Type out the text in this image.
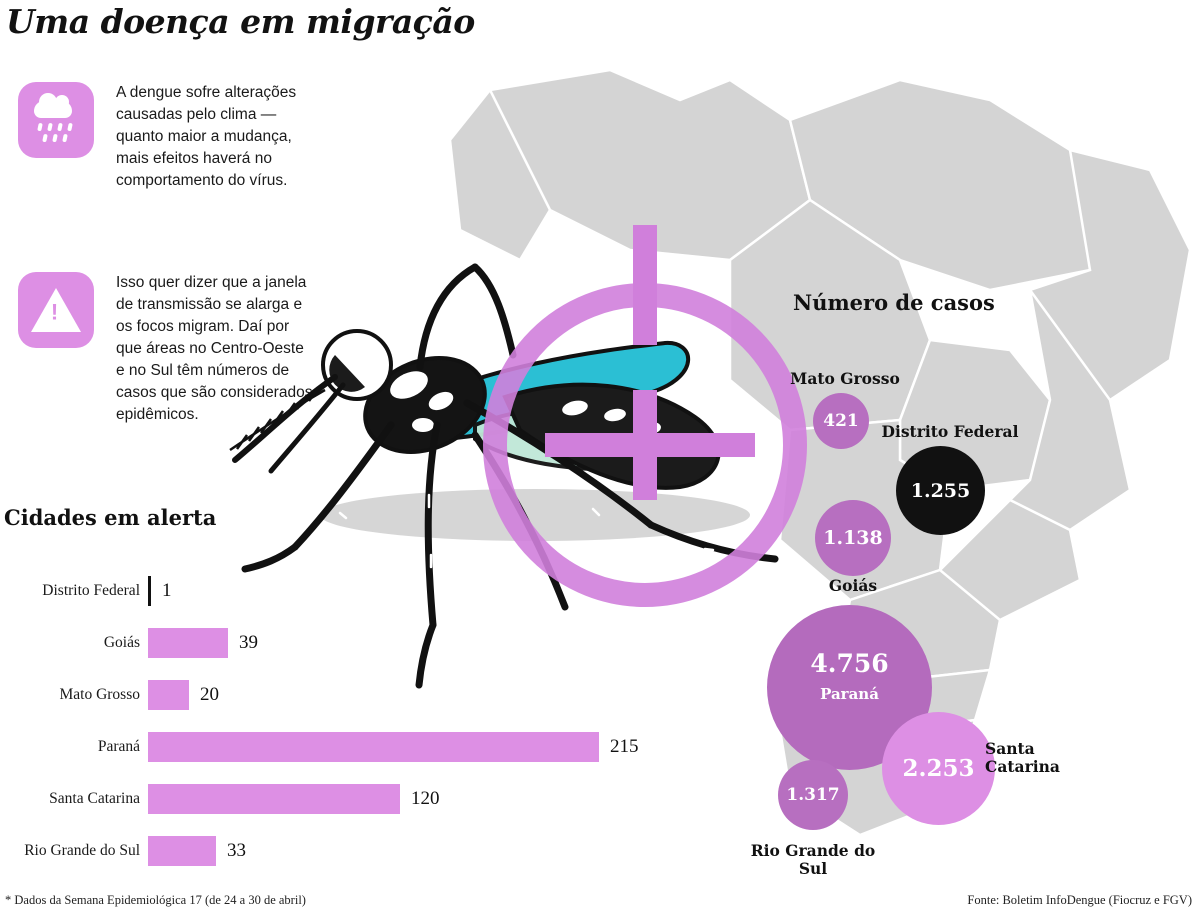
Uma doença em migração
A dengue sofre alterações causadas pelo clima — quanto maior a mudança, mais efeitos haverá no comportamento do vírus.
!
Isso quer dizer que a janela de transmissão se alarga e os focos migram. Daí por que áreas no Centro-Oeste e no Sul têm números de casos que são considerados epidêmicos.
Cidades em alerta
Distrito Federal	1
Goiás	39
Mato Grosso	20
Paraná	215
Santa Catarina	120
Rio Grande do Sul	33
Número de casos
Mato Grosso
421
Distrito Federal
1.255
1.138
Goiás
4.756
Paraná
2.253
Santa Catarina
1.317
Rio Grande do Sul
* Dados da Semana Epidemiológica 17 (de 24 a 30 de abril)	Fonte: Boletim InfoDengue (Fiocruz e FGV)
